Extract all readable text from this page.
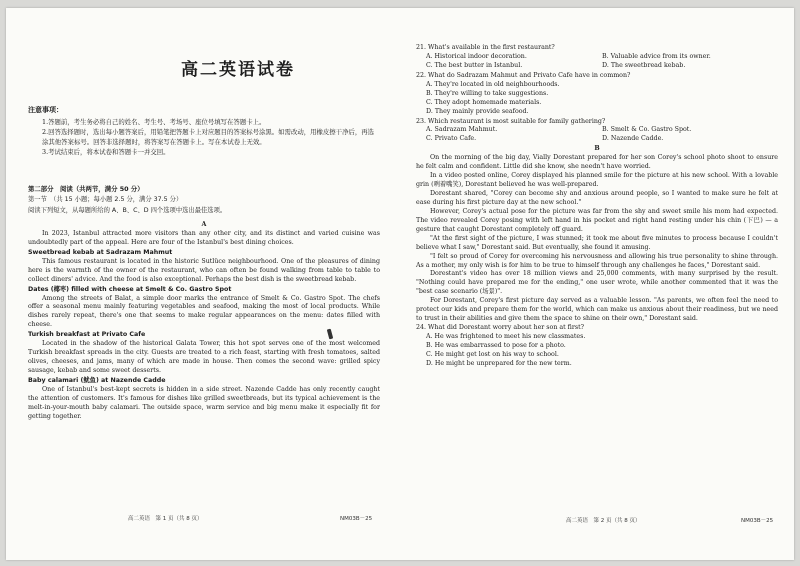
高二英语试卷
注意事项：
1.答题前，考生务必将自己的姓名、考生号、考场号、座位号填写在答题卡上。
2.回答选择题时，选出每小题答案后，用铅笔把答题卡上对应题目的答案标号涂黑。如需改动，用橡皮擦干净后，再选涂其他答案标号。回答非选择题时，将答案写在答题卡上。写在本试卷上无效。
3.考试结束后，将本试卷和答题卡一并交回。
第二部分　阅读（共两节，满分 50 分）
第一节　（共 15 小题；每小题 2.5 分，满分 37.5 分）
阅读下列短文，从每题所给的 A、B、C、D 四个选项中选出最佳选项。
A

In 2023, Istanbul attracted more visitors than any other city, and its distinct and varied cuisine was undoubtedly part of the appeal. Here are four of the Istanbul's best dining choices.

Sweetbread kebab at Sadrazam Mahmut

This famous restaurant is located in the historic Sutlüce neighbourhood. One of the pleasures of dining here is the warmth of the owner of the restaurant, who can often be found walking from table to table to collect diners' advice. And the food is also exceptional. Perhaps the best dish is the sweetbread kebab.

Dates (椰枣) filled with cheese at Smelt & Co. Gastro Spot

Among the streets of Balat, a simple door marks the entrance of Smelt & Co. Gastro Spot. The chefs offer a seasonal menu mainly featuring vegetables and seafood, making the most of local products. While dishes rarely repeat, there's one that seems to make regular appearances on the menu: dates filled with cheese.

Turkish breakfast at Privato Cafe

Located in the shadow of the historical Galata Tower, this hot spot serves one of the most welcomed Turkish breakfast spreads in the city. Guests are treated to a rich feast, starting with fresh tomatoes, salted olives, cheeses, and jams, many of which are made in house. Then comes the second wave: grilled spicy sausage, kebab and some sweet desserts.

Baby calamari (鱿鱼) at Nazende Cadde

One of Istanbul's best-kept secrets is hidden in a side street. Nazende Cadde has only recently caught the attention of customers. It's famous for dishes like grilled sweetbreads, but its typical achievement is the melt-in-your-mouth baby calamari. The outside space, warm service and big menu make it especially fit for getting together.

高二英语　第 1 页（共 8 页）	NM03B－25
21. What's available in the first restaurant?
A. Historical indoor decoration.	B. Valuable advice from its owner.
C. The best butter in Istanbul.	D. The sweetbread kebab.
22. What do Sadrazam Mahmut and Privato Cafe have in common?
A. They're located in old neighbourhoods.
B. They're willing to take suggestions.
C. They adopt homemade materials.
D. They mainly provide seafood.
23. Which restaurant is most suitable for family gathering?
A. Sadrazam Mahmut.	B. Smelt & Co. Gastro Spot.
C. Privato Cafe.	D. Nazende Cadde.
B

On the morning of the big day, Vially Dorestant prepared for her son Corey's school photo shoot to ensure he felt calm and confident. Little did she know, she needn't have worried.

In a video posted online, Corey displayed his planned smile for the picture at his new school. With a lovable grin (咧着嘴笑), Dorestant believed he was well-prepared.

Dorestant shared, "Corey can become shy and anxious around people, so I wanted to make sure he felt at ease during his first picture day at the new school."

However, Corey's actual pose for the picture was far from the shy and sweet smile his mom had expected. The video revealed Corey posing with left hand in his pocket and right hand resting under his chin (下巴) — a gesture that caught Dorestant completely off guard.

"At the first sight of the picture, I was stunned; it took me about five minutes to process because I couldn't believe what I saw," Dorestant said. But eventually, she found it amusing.

"I felt so proud of Corey for overcoming his nervousness and allowing his true personality to shine through. As a mother, my only wish is for him to be true to himself through any challenges he faces," Dorestant said.

Dorestant's video has over 18 million views and 25,000 comments, with many surprised by the result. "Nothing could have prepared me for the ending," one user wrote, while another commented that it was the "best case scenario (场景)".

For Dorestant, Corey's first picture day served as a valuable lesson. "As parents, we often feel the need to protect our kids and prepare them for the world, which can make us anxious about their readiness, but we need to trust in their abilities and give them the space to shine on their own," Dorestant said.

24. What did Dorestant worry about her son at first?
A. He was frightened to meet his new classmates.
B. He was embarrassed to pose for a photo.
C. He might get lost on his way to school.
D. He might be unprepared for the new term.
高二英语　第 2 页（共 8 页）	NM03B－25
